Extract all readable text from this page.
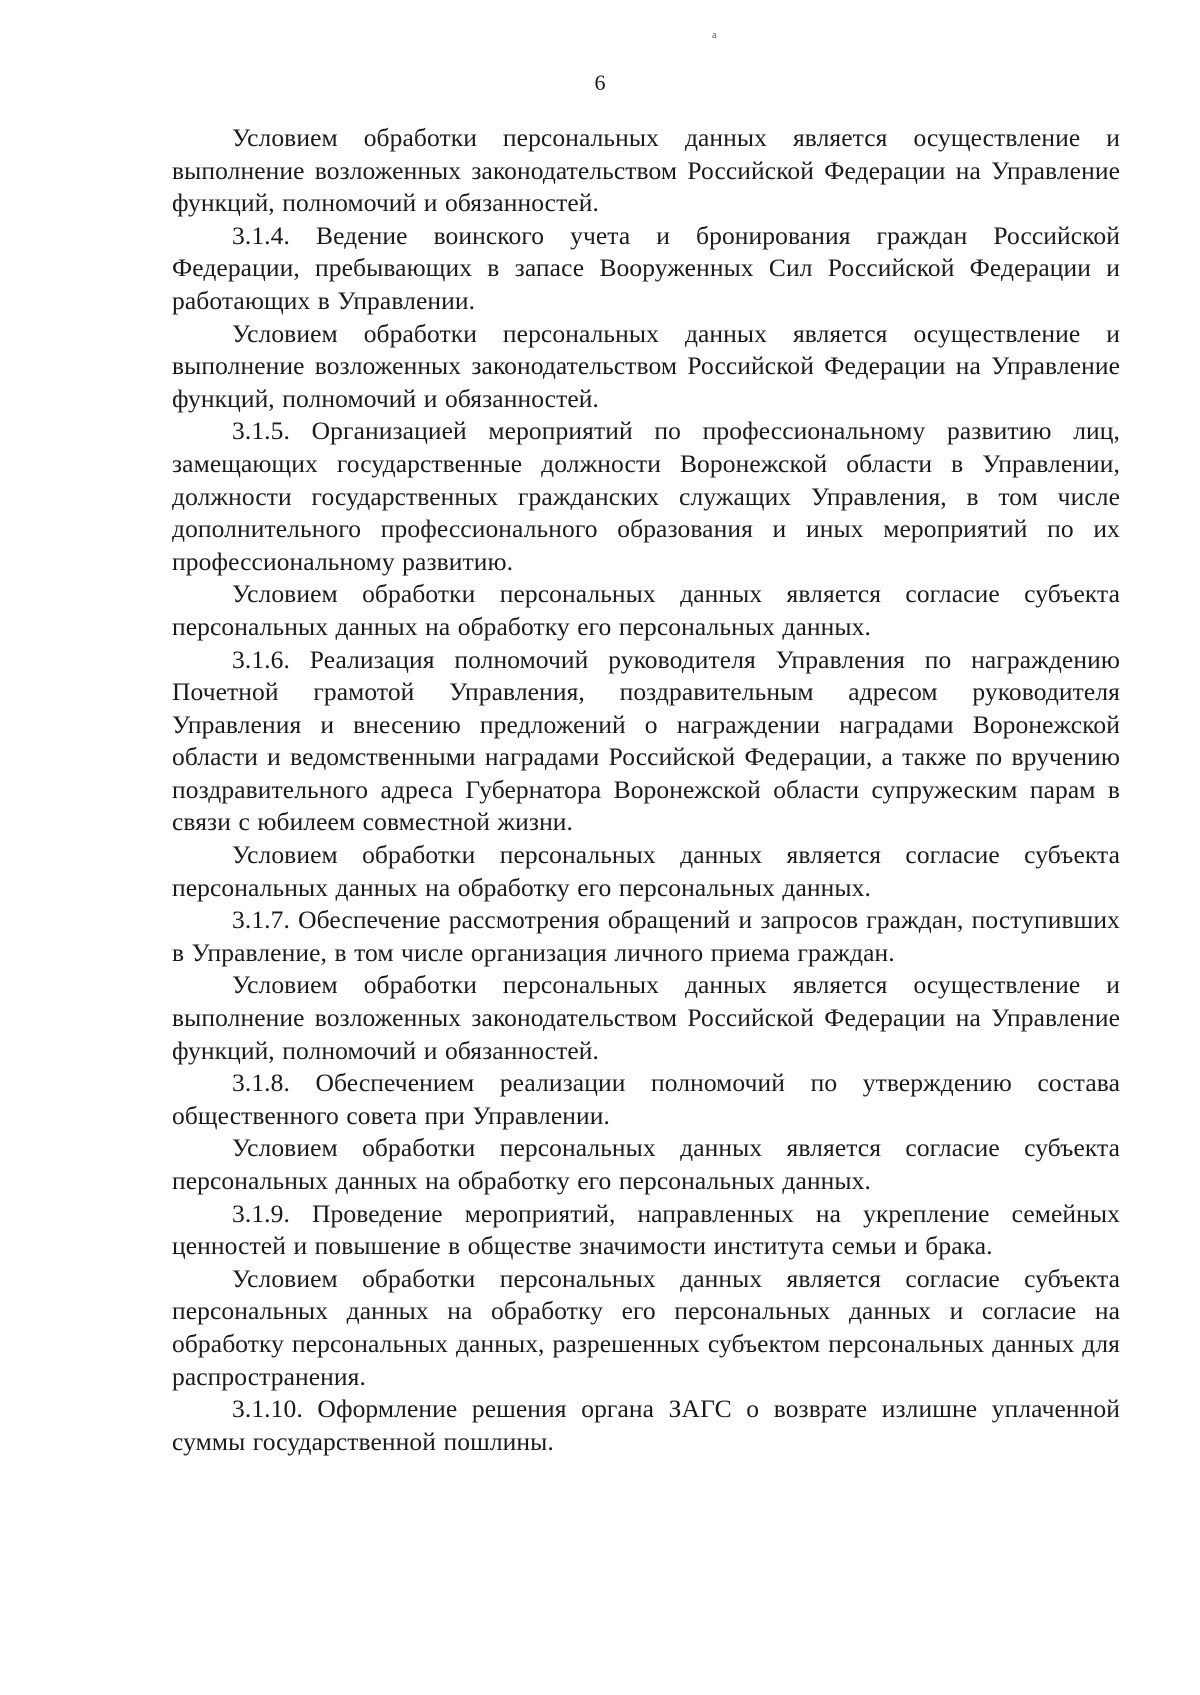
a
6

Условием обработки персональных данных является осуществление и выполнение возложенных законодательством Российской Федерации на Управление функций, полномочий и обязанностей.

3.1.4. Ведение воинского учета и бронирования граждан Российской Федерации, пребывающих в запасе Вооруженных Сил Российской Федерации и работающих в Управлении.

Условием обработки персональных данных является осуществление и выполнение возложенных законодательством Российской Федерации на Управление функций, полномочий и обязанностей.

3.1.5. Организацией мероприятий по профессиональному развитию лиц, замещающих государственные должности Воронежской области в Управлении, должности государственных гражданских служащих Управления, в том числе дополнительного профессионального образования и иных мероприятий по их профессиональному развитию.

Условием обработки персональных данных является согласие субъекта персональных данных на обработку его персональных данных.

3.1.6. Реализация полномочий руководителя Управления по награждению Почетной грамотой Управления, поздравительным адресом руководителя Управления и внесению предложений о награждении наградами Воронежской области и ведомственными наградами Российской Федерации, а также по вручению поздравительного адреса Губернатора Воронежской области супружеским парам в связи с юбилеем совместной жизни.

Условием обработки персональных данных является согласие субъекта персональных данных на обработку его персональных данных.

3.1.7. Обеспечение рассмотрения обращений и запросов граждан, поступивших в Управление, в том числе организация личного приема граждан.

Условием обработки персональных данных является осуществление и выполнение возложенных законодательством Российской Федерации на Управление функций, полномочий и обязанностей.

3.1.8. Обеспечением реализации полномочий по утверждению состава общественного совета при Управлении.

Условием обработки персональных данных является согласие субъекта персональных данных на обработку его персональных данных.

3.1.9. Проведение мероприятий, направленных на укрепление семейных ценностей и повышение в обществе значимости института семьи и брака.

Условием обработки персональных данных является согласие субъекта персональных данных на обработку его персональных данных и согласие на обработку персональных данных, разрешенных субъектом персональных данных для распространения.

3.1.10. Оформление решения органа ЗАГС о возврате излишне уплаченной суммы государственной пошлины.
